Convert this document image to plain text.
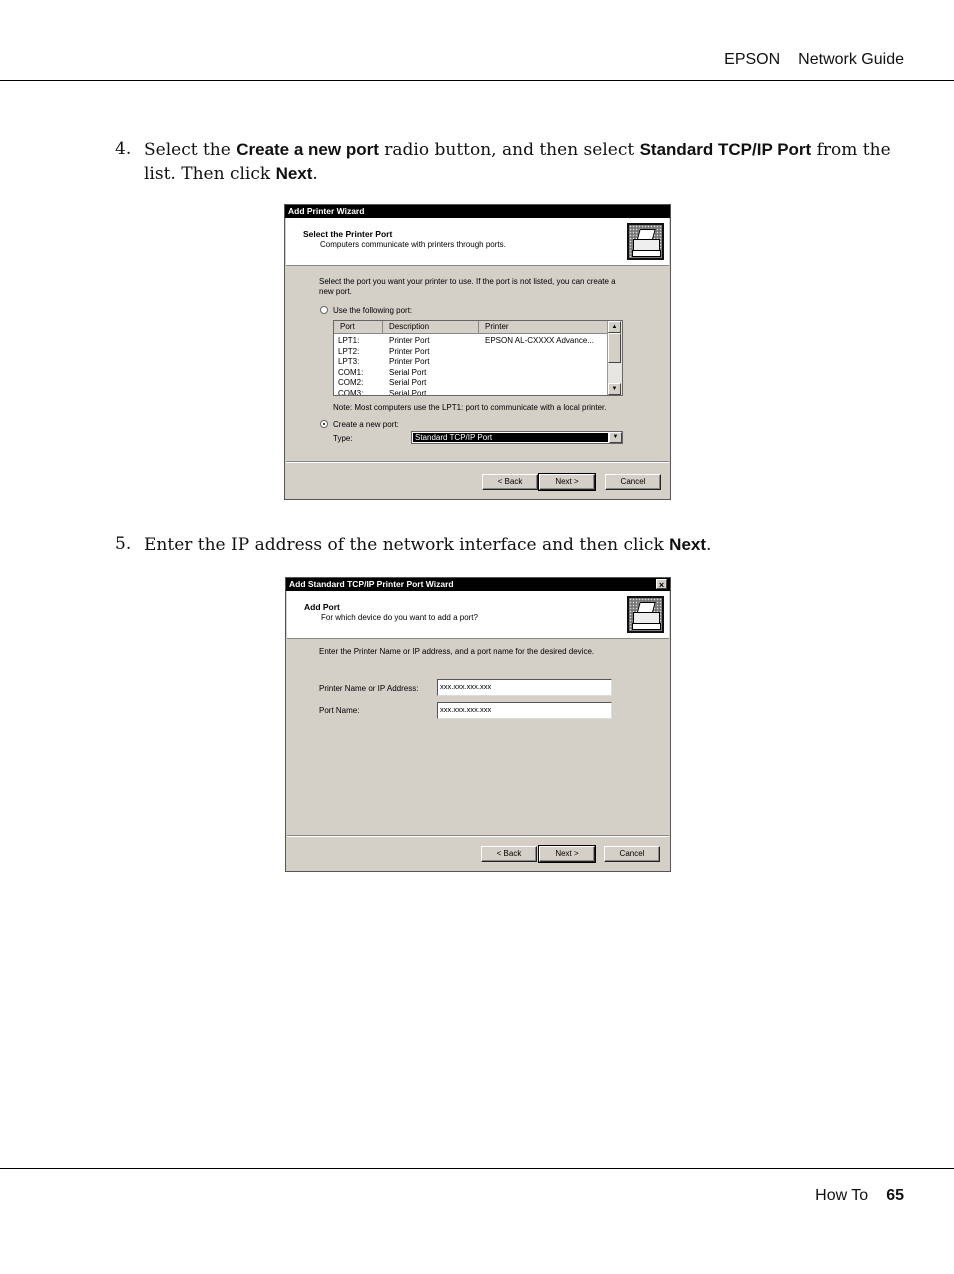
EPSON Network Guide
4. Select the Create a new port radio button, and then select Standard TCP/IP Port from the list. Then click Next.
Add Printer Wizard
Select the Printer Port
Computers communicate with printers through ports.
Select the port you want your printer to use. If the port is not listed, you can create a
new port.
Use the following port:
Port	Description	Printer
LPT1:	Printer Port	EPSON AL-CXXXX Advance...
LPT2:	Printer Port
LPT3:	Printer Port
COM1:	Serial Port
COM2:	Serial Port
COM3:	Serial Port
▲
▼
Note: Most computers use the LPT1: port to communicate with a local printer.
Create a new port:
Type:	Standard TCP/IP Port	▼
< Back	Next >	Cancel
5. Enter the IP address of the network interface and then click Next.
Add Standard TCP/IP Printer Port Wizard	×
Add Port
For which device do you want to add a port?
Enter the Printer Name or IP address, and a port name for the desired device.
Printer Name or IP Address:	xxx.xxx.xxx.xxx
Port Name:	xxx.xxx.xxx.xxx
< Back	Next >	Cancel
How To 65
